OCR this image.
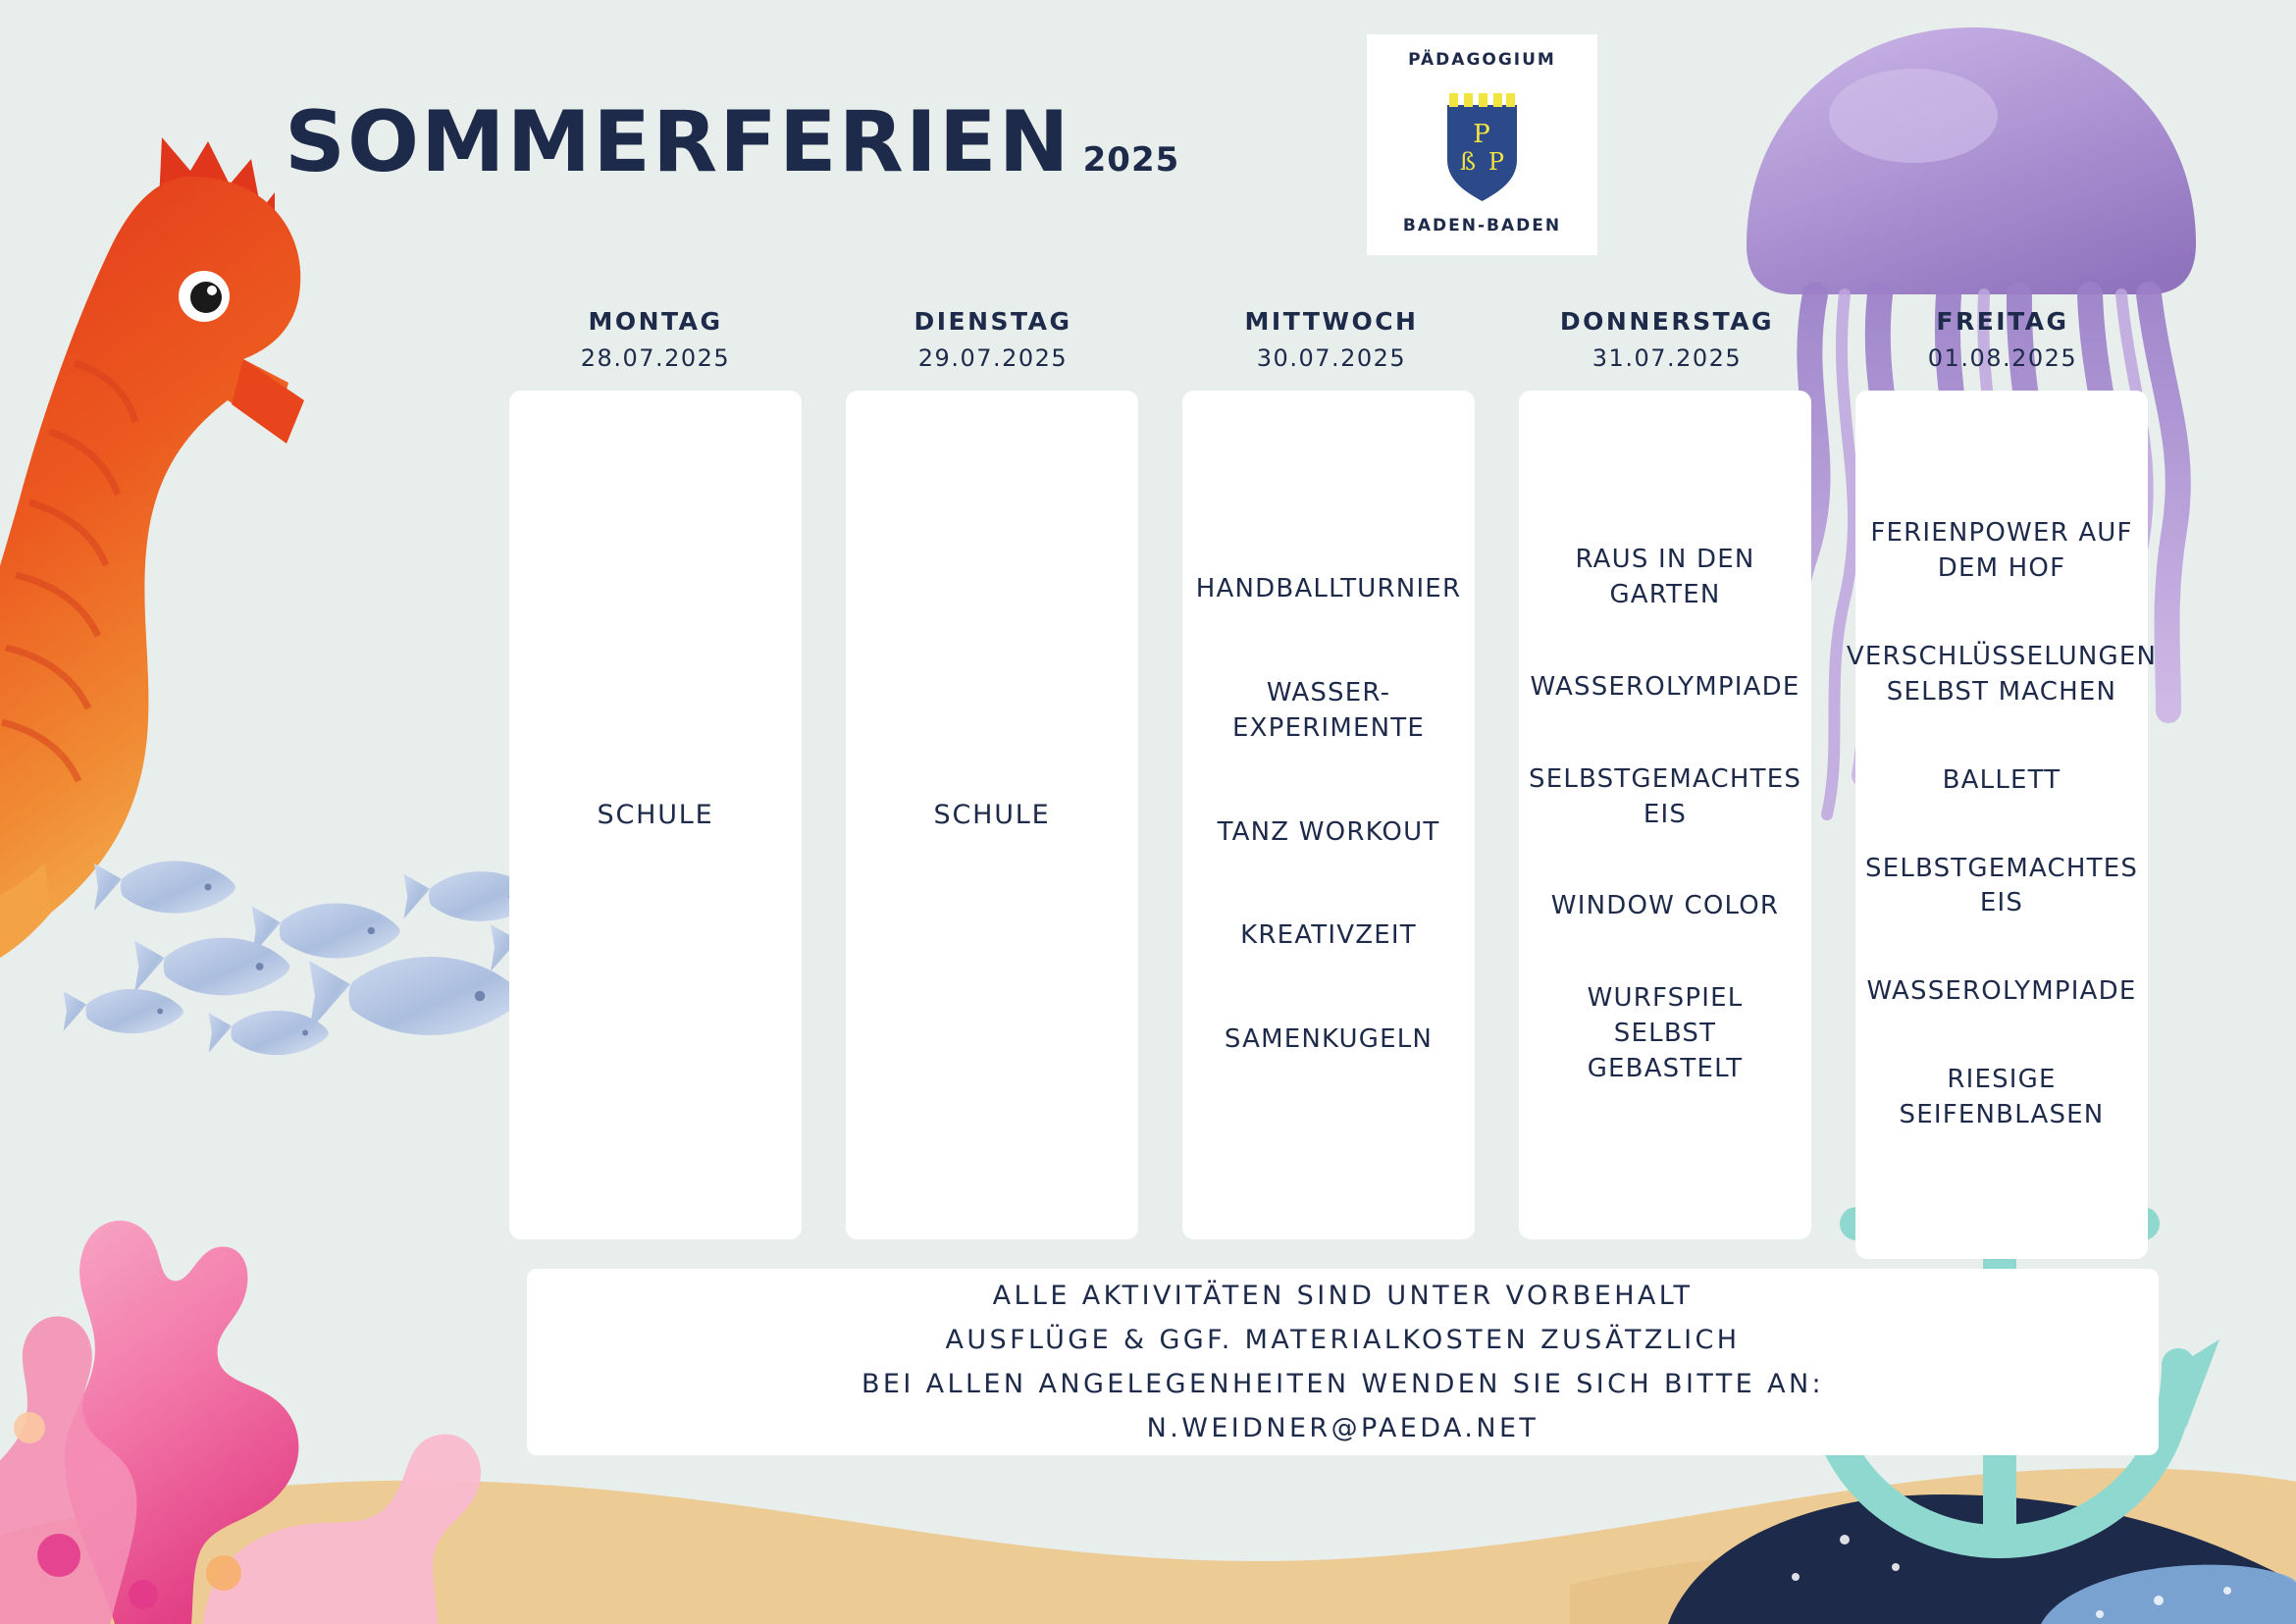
SOMMERFERIEN 2025
PÄDAGOGIUM
P
ß P
BADEN-BADEN
MONTAG
28.07.2025
DIENSTAG
29.07.2025
MITTWOCH
30.07.2025
DONNERSTAG
31.07.2025
FREITAG
01.08.2025
SCHULE	SCHULE
HANDBALLTURNIER
WASSER-
EXPERIMENTE
TANZ WORKOUT
KREATIVZEIT
SAMENKUGELN
RAUS IN DEN GARTEN
WASSEROLYMPIADE
SELBSTGEMACHTES
EIS
WINDOW COLOR
WURFSPIEL SELBST
GEBASTELT
FERIENPOWER AUF
DEM HOF
VERSCHLÜSSELUNGEN
SELBST MACHEN
BALLETT
SELBSTGEMACHTES
EIS
WASSEROLYMPIADE
RIESIGE
SEIFENBLASEN
ALLE AKTIVITÄTEN SIND UNTER VORBEHALT
AUSFLÜGE & GGF. MATERIALKOSTEN ZUSÄTZLICH
BEI ALLEN ANGELEGENHEITEN WENDEN SIE SICH BITTE AN:
N.WEIDNER@PAEDA.NET
